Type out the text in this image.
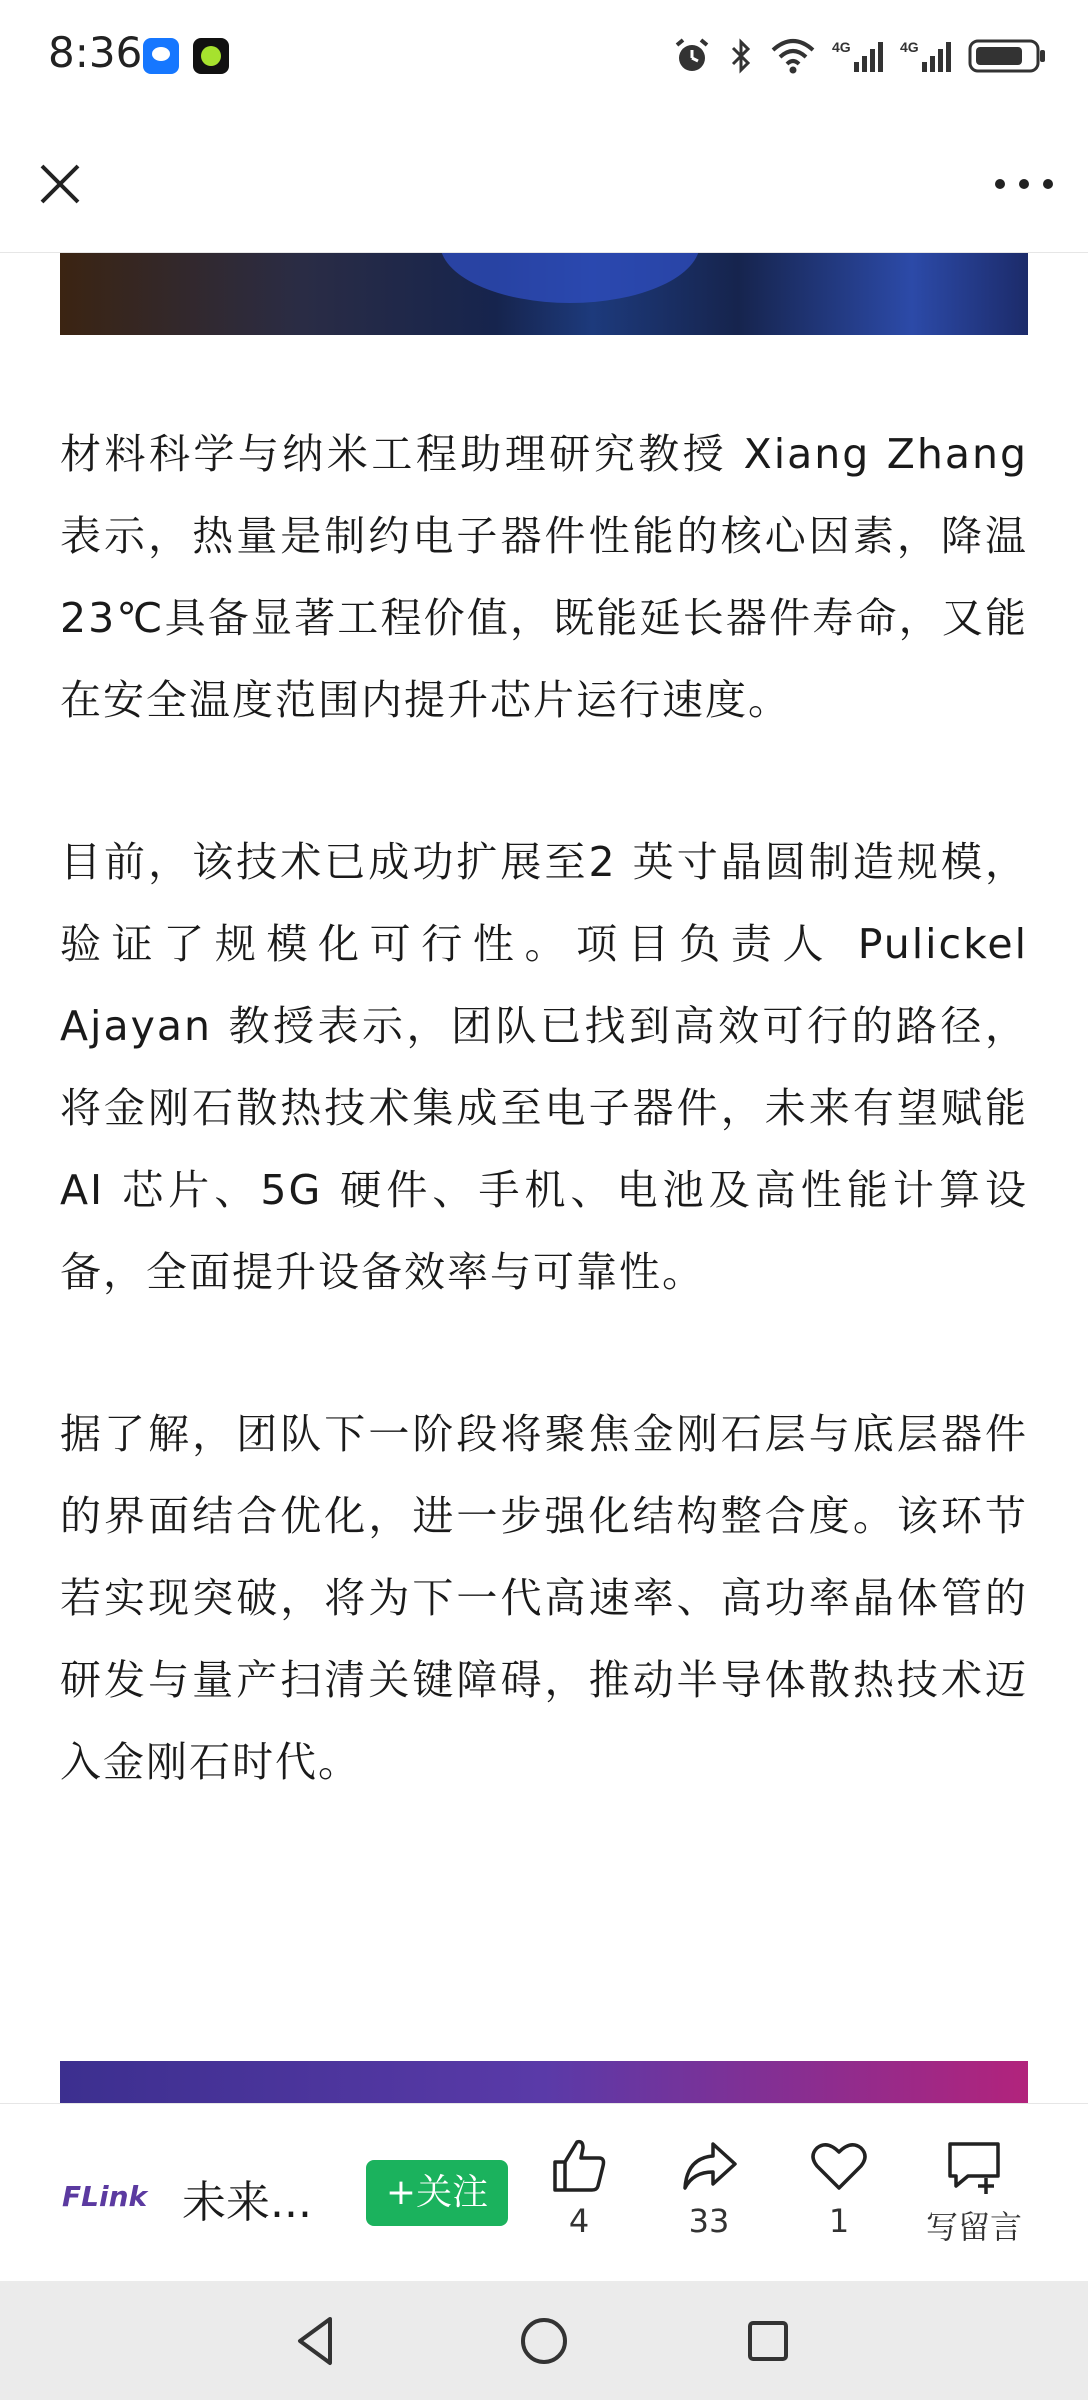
8:36	4G	4G

材料科学与纳米工程助理研究教授 Xiang Zhang 表示，热量是制约电子器件性能的核心因素，降温 23℃具备显著工程价值，既能延长器件寿命，又能在安全温度范围内提升芯片运行速度。

目前，该技术已成功扩展至2 英寸晶圆制造规模，验证了规模化可行性。项目负责人 Pulickel Ajayan 教授表示，团队已找到高效可行的路径，将金刚石散热技术集成至电子器件，未来有望赋能 AI 芯片、5G 硬件、手机、电池及高性能计算设备，全面提升设备效率与可靠性。

据了解，团队下一阶段将聚焦金刚石层与底层器件的界面结合优化，进一步强化结构整合度。该环节若实现突破，将为下一代高速率、高功率晶体管的研发与量产扫清关键障碍，推动半导体散热技术迈入金刚石时代。

FLink 未来...	+关注
4	33	1	写留言
